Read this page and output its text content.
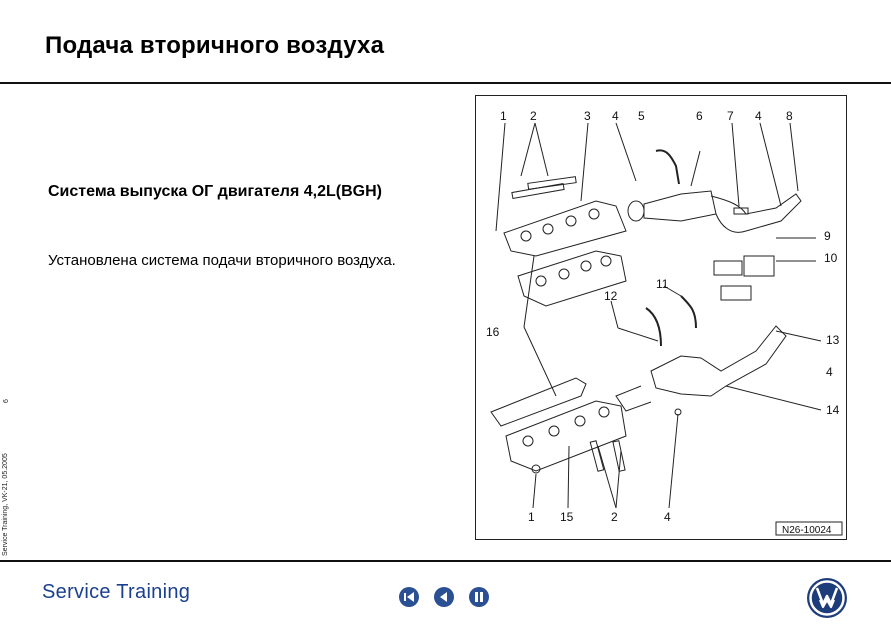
Подача вторичного воздуха
6
Service Training, VK-21, 05.2005
Система выпуска ОГ двигателя 4,2L(BGH)
Установлена система подачи вторичного воздуха.
1 2	3 4 5	6 7 4 8
9
10
11
12
16
13
4
14
1 15	2	4
N26-10024
Service Training
